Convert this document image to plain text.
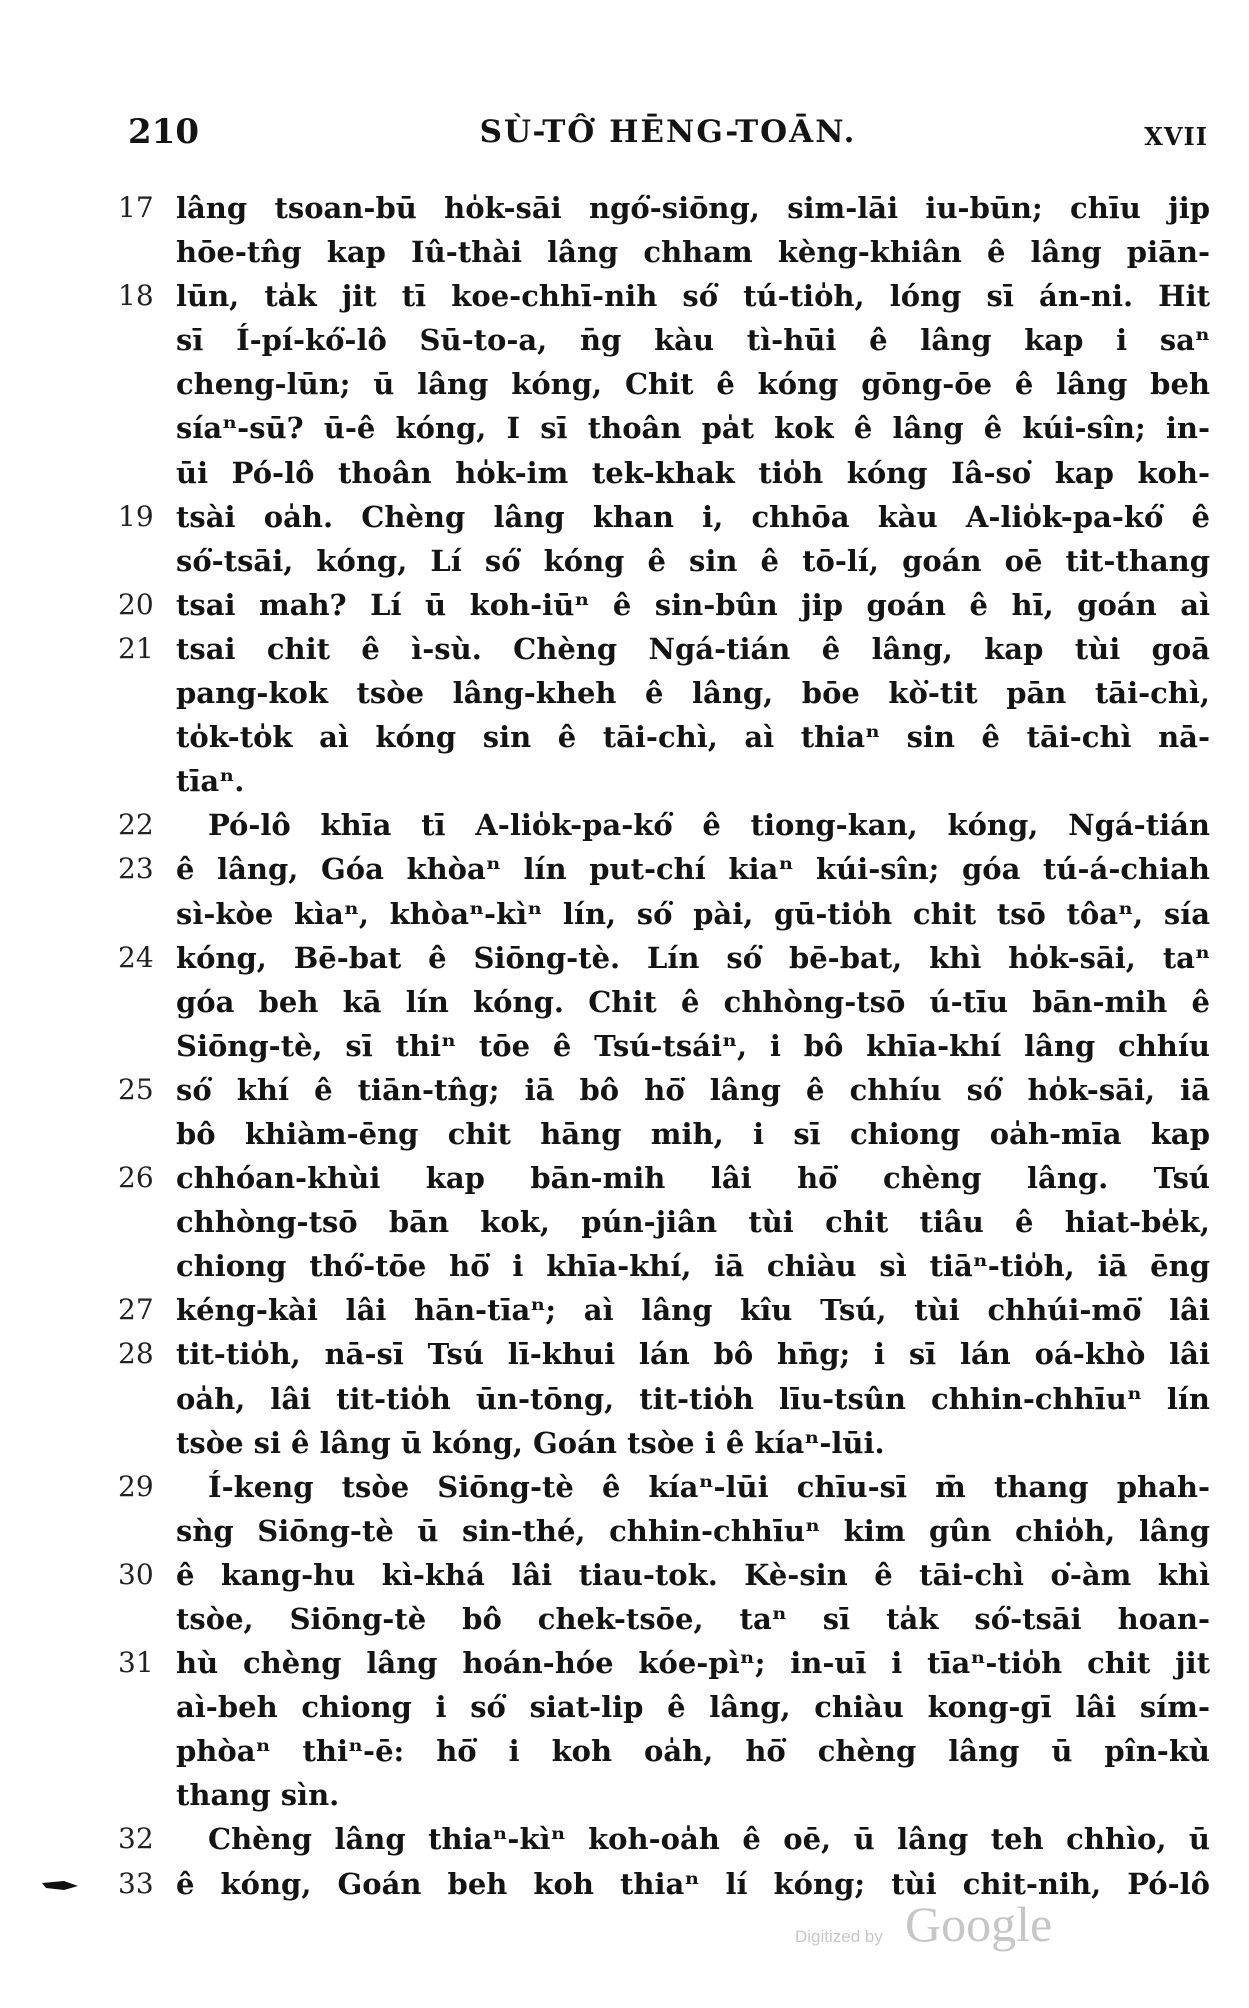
210	SÙ-TÔ͘ HĒNG-TOĀN.	XVII
17 lâng tsoan-bū ho̍k-sāi ngó͘-siōng, sim-lāi iu-būn; chīu jip
hōe-tn̂g kap Iû-thài lâng chham kèng-khiân ê lâng piān-
18 lūn, ta̍k jit tī koe-chhī-nih só͘ tú-tio̍h, lóng sī án-ni. Hit
sī Í-pí-kó͘-lô Sū-to-a, n̄g kàu tì-hūi ê lâng kap i saⁿ
cheng-lūn; ū lâng kóng, Chit ê kóng gōng-ōe ê lâng beh
síaⁿ-sū? ū-ê kóng, I sī thoân pa̍t kok ê lâng ê kúi-sîn; in-
ūi Pó-lô thoân ho̍k-im tek-khak tio̍h kóng Iâ-so͘ kap koh-
19 tsài oa̍h. Chèng lâng khan i, chhōa kàu A-lio̍k-pa-kó͘ ê
só͘-tsāi, kóng, Lí só͘ kóng ê sin ê tō-lí, goán oē tit-thang
20 tsai mah? Lí ū koh-iūⁿ ê sin-bûn jip goán ê hī, goán aì
21 tsai chit ê ì-sù. Chèng Ngá-tián ê lâng, kap tùi goā
pang-kok tsòe lâng-kheh ê lâng, bōe kò͘-tit pān tāi-chì,
to̍k-to̍k aì kóng sin ê tāi-chì, aì thiaⁿ sin ê tāi-chì nā-
tīaⁿ.
22	Pó-lô khīa tī A-lio̍k-pa-kó͘ ê tiong-kan, kóng, Ngá-tián
23 ê lâng, Góa khòaⁿ lín put-chí kiaⁿ kúi-sîn; góa tú-á-chiah
sì-kòe kìaⁿ, khòaⁿ-kìⁿ lín, só͘ pài, gū-tio̍h chit tsō tôaⁿ, sía
24 kóng, Bē-bat ê Siōng-tè. Lín só͘ bē-bat, khì ho̍k-sāi, taⁿ
góa beh kā lín kóng. Chit ê chhòng-tsō ú-tīu bān-mih ê
Siōng-tè, sī thiⁿ tōe ê Tsú-tsáiⁿ, i bô khīa-khí lâng chhíu
25 só͘ khí ê tiān-tn̂g; iā bô hō͘ lâng ê chhíu só͘ ho̍k-sāi, iā
bô khiàm-ēng chit hāng mih, i sī chiong oa̍h-mīa kap
26 chhóan-khùi kap bān-mih lâi hō͘ chèng lâng. Tsú
chhòng-tsō bān kok, pún-jiân tùi chit tiâu ê hiat-be̍k,
chiong thó͘-tōe hō͘ i khīa-khí, iā chiàu sì tiāⁿ-tio̍h, iā ēng
27 kéng-kài lâi hān-tīaⁿ; aì lâng kîu Tsú, tùi chhúi-mō͘ lâi
28 tit-tio̍h, nā-sī Tsú lī-khui lán bô hn̄g; i sī lán oá-khò lâi
oa̍h, lâi tit-tio̍h ūn-tōng, tit-tio̍h līu-tsûn chhin-chhīuⁿ lín
tsòe si ê lâng ū kóng, Goán tsòe i ê kíaⁿ-lūi.
29	Í-keng tsòe Siōng-tè ê kíaⁿ-lūi chīu-sī m̄ thang phah-
sǹg Siōng-tè ū sin-thé, chhin-chhīuⁿ kim gûn chio̍h, lâng
30 ê kang-hu kì-khá lâi tiau-tok. Kè-sin ê tāi-chì o͘-àm khì
tsòe, Siōng-tè bô chek-tsōe, taⁿ sī ta̍k só͘-tsāi hoan-
31 hù chèng lâng hoán-hóe kóe-pìⁿ; in-uī i tīaⁿ-tio̍h chit jit
aì-beh chiong i só͘ siat-lip ê lâng, chiàu kong-gī lâi sím-
phòaⁿ thiⁿ-ē: hō͘ i koh oa̍h, hō͘ chèng lâng ū pîn-kù
thang sìn.
32	Chèng lâng thiaⁿ-kìⁿ koh-oa̍h ê oē, ū lâng teh chhìo, ū
33 ê kóng, Goán beh koh thiaⁿ lí kóng; tùi chit-nih, Pó-lô
Digitized by Google
